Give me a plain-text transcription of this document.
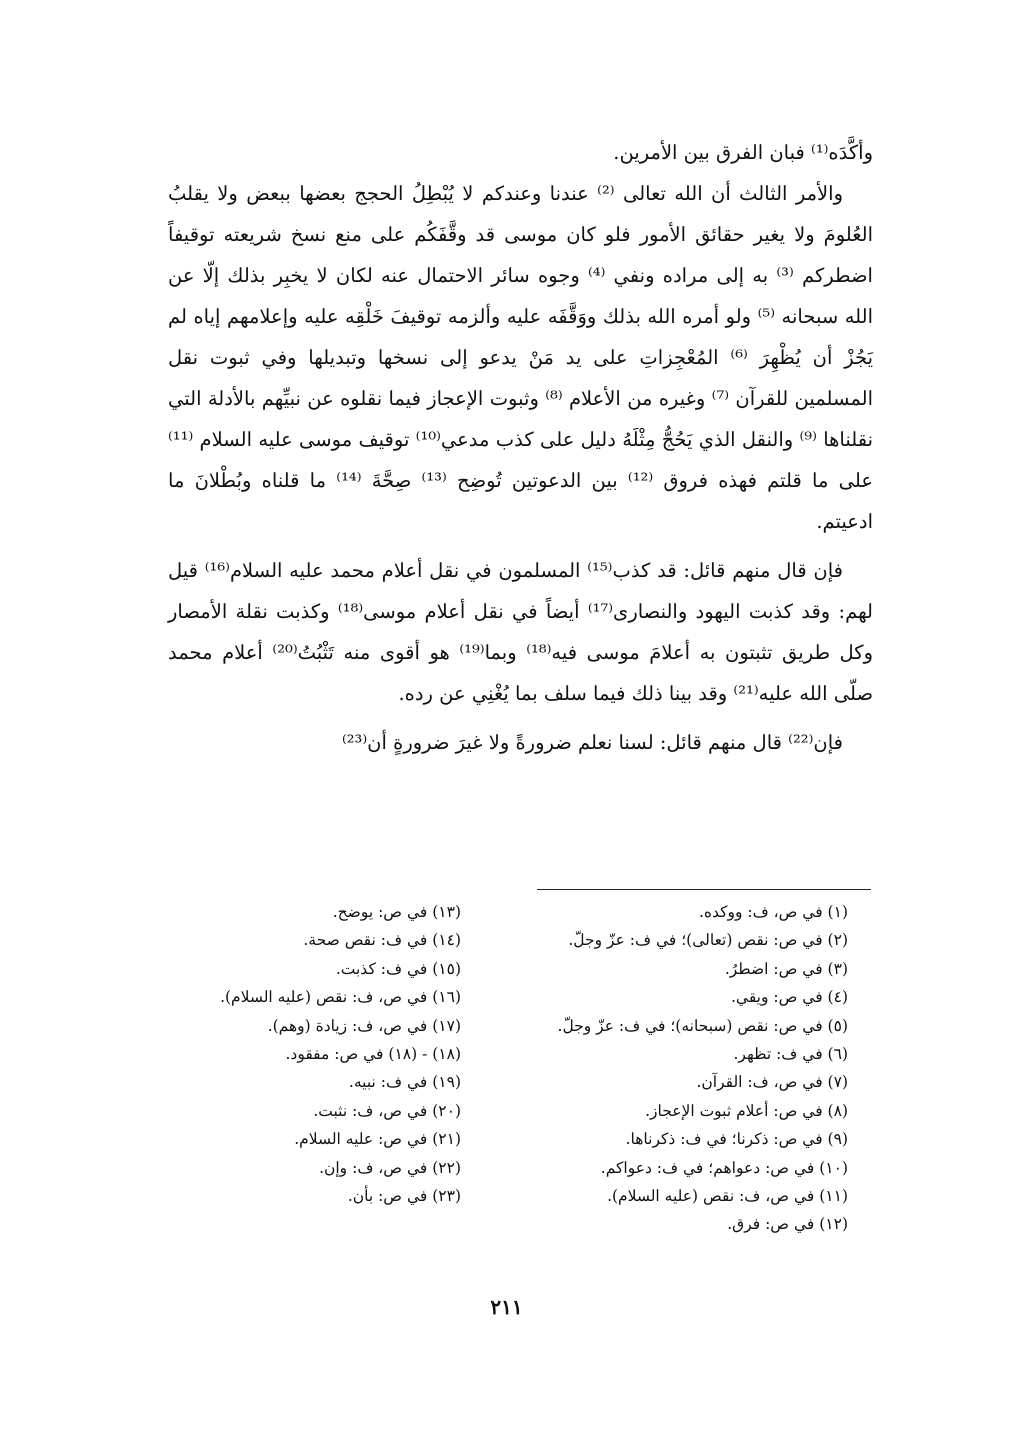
وأكَّدَه⁽¹⁾ فبان الفرق بين الأمرين.

والأمر الثالث أن الله تعالى ⁽²⁾ عندنا وعندكم لا يُبْطِلُ الحجج بعضها ببعض ولا يقلبُ العُلومَ ولا يغير حقائق الأمور فلو كان موسى قد وقَّفَكُم على منع نسخ شريعته توقيفاً اضطركم ⁽³⁾ به إلى مراده ونفي ⁽⁴⁾ وجوه سائر الاحتمال عنه لكان لا يخبِر بذلك إلّا عن الله سبحانه ⁽⁵⁾ ولو أمره الله بذلك ووَقَّفَه عليه وألزمه توقيفَ خَلْقِه عليه وإعلامهم إياه لم يَجُزْ أن يُظْهِرَ ⁽⁶⁾ المُعْجِزاتِ على يد مَنْ يدعو إلى نسخها وتبديلها وفي ثبوت نقل المسلمين للقرآن ⁽⁷⁾ وغيره من الأعلام ⁽⁸⁾ وثبوت الإعجاز فيما نقلوه عن نبيِّهم بالأدلة التي نقلناها ⁽⁹⁾ والنقل الذي يَحُجُّ مِثْلَهُ دليل على كذب مدعي⁽¹⁰⁾ توقيف موسى عليه السلام ⁽¹¹⁾ على ما قلتم فهذه فروق ⁽¹²⁾ بين الدعوتين تُوضِح ⁽¹³⁾ صِحَّةَ ⁽¹⁴⁾ ما قلناه وبُطْلانَ ما ادعيتم.

فإن قال منهم قائل: قد كذب⁽¹⁵⁾ المسلمون في نقل أعلام محمد عليه السلام⁽¹⁶⁾ قيل لهم: وقد كذبت اليهود والنصارى⁽¹⁷⁾ أيضاً في نقل أعلام موسى⁽¹⁸⁾ وكذبت نقلة الأمصار وكل طريق تثبتون به أعلامَ موسى فيه⁽¹⁸⁾ وبما⁽¹⁹⁾ هو أقوى منه تَثْبُتُ⁽²⁰⁾ أعلام محمد صلّى الله عليه⁽²¹⁾ وقد بينا ذلك فيما سلف بما يُغْنِي عن رده.

فإن⁽²²⁾ قال منهم قائل: لسنا نعلم ضرورةً ولا غيرَ ضرورةٍ أن⁽²³⁾

(١) في ص، ف: ووكده.
(٢) في ص: نقص (تعالى)؛ في ف: عزّ وجلّ.
(٣) في ص: اضطرُ.
(٤) في ص: ويقي.
(٥) في ص: نقص (سبحانه)؛ في ف: عزّ وجلّ.
(٦) في ف: تظهر.
(٧) في ص، ف: القرآن.
(٨) في ص: أعلام ثبوت الإعجاز.
(٩) في ص: ذكرنا؛ في ف: ذكرناها.
(١٠) في ص: دعواهم؛ في ف: دعواكم.
(١١) في ص، ف: نقص (عليه السلام).
(١٢) في ص: فرق.
(١٣) في ص: يوضح.
(١٤) في ف: نقص صحة.
(١٥) في ف: كذبت.
(١٦) في ص، ف: نقص (عليه السلام).
(١٧) في ص، ف: زيادة (وهم).
(١٨) - (١٨) في ص: مفقود.
(١٩) في ف: نبيه.
(٢٠) في ص، ف: نثبت.
(٢١) في ص: عليه السلام.
(٢٢) في ص، ف: وإن.
(٢٣) في ص: بأن.
٢١١
